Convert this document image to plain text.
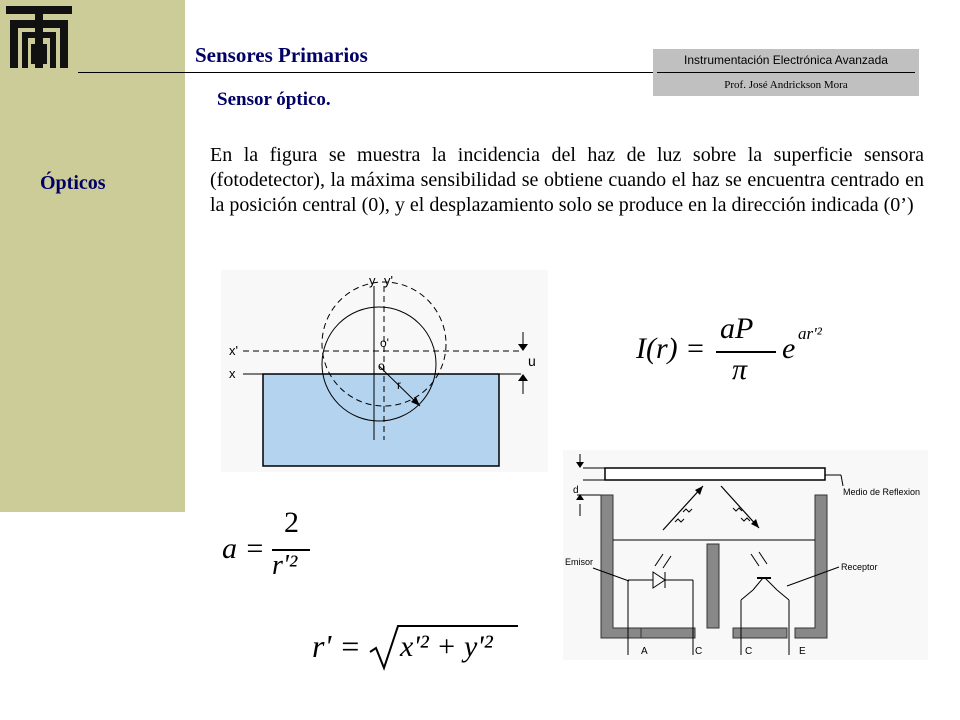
Ópticos
Sensores Primarios	Instrumentación Electrónica Avanzada
Prof. José Andrickson Mora
Sensor óptico.
En la figura se muestra la incidencia del haz de luz sobre la superficie sensora (fotodetector), la máxima sensibilidad se obtiene cuando el haz se encuentra centrado en la posición central (0), y el desplazamiento solo se produce en la dirección indicada (0’)
y y'
x'
x
o'
o
r
u	I(r) =
aP
π
e ar'²
a =
2
r'²
r' = x'² + y'²
d	Medio de Reflexion
Emisor	Receptor
A	C	C	E
